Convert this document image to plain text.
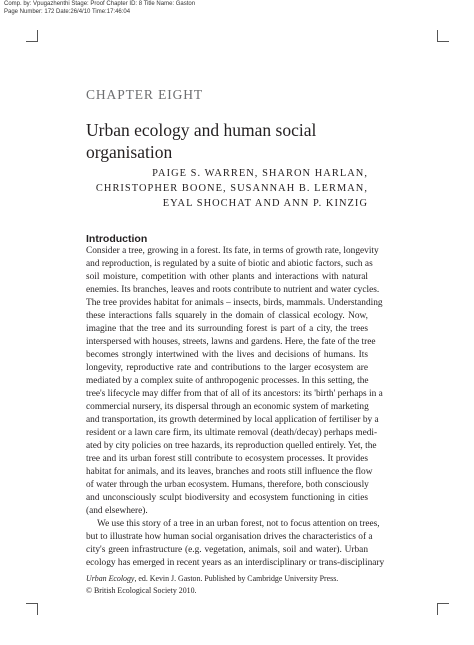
Comp. by: Vpugazhenthi Stage: Proof Chapter ID: 8 Title Name: Gaston
Page Number: 172 Date:26/4/10 Time:17:46:04
CHAPTER EIGHT
Urban ecology and human social organisation
PAIGE S. WARREN, SHARON HARLAN,
CHRISTOPHER BOONE, SUSANNAH B. LERMAN,
EYAL SHOCHAT AND ANN P. KINZIG
Introduction
Consider a tree, growing in a forest. Its fate, in terms of growth rate, longevity
and reproduction, is regulated by a suite of biotic and abiotic factors, such as
soil moisture, competition with other plants and interactions with natural
enemies. Its branches, leaves and roots contribute to nutrient and water cycles.
The tree provides habitat for animals – insects, birds, mammals. Understanding
these interactions falls squarely in the domain of classical ecology. Now,
imagine that the tree and its surrounding forest is part of a city, the trees
interspersed with houses, streets, lawns and gardens. Here, the fate of the tree
becomes strongly intertwined with the lives and decisions of humans. Its
longevity, reproductive rate and contributions to the larger ecosystem are
mediated by a complex suite of anthropogenic processes. In this setting, the
tree's lifecycle may differ from that of all of its ancestors: its 'birth' perhaps in a
commercial nursery, its dispersal through an economic system of marketing
and transportation, its growth determined by local application of fertiliser by a
resident or a lawn care firm, its ultimate removal (death/decay) perhaps medi-
ated by city policies on tree hazards, its reproduction quelled entirely. Yet, the
tree and its urban forest still contribute to ecosystem processes. It provides
habitat for animals, and its leaves, branches and roots still influence the flow
of water through the urban ecosystem. Humans, therefore, both consciously
and unconsciously sculpt biodiversity and ecosystem functioning in cities
(and elsewhere).
We use this story of a tree in an urban forest, not to focus attention on trees,
but to illustrate how human social organisation drives the characteristics of a
city's green infrastructure (e.g. vegetation, animals, soil and water). Urban
ecology has emerged in recent years as an interdisciplinary or trans-disciplinary
Urban Ecology, ed. Kevin J. Gaston. Published by Cambridge University Press.
© British Ecological Society 2010.
